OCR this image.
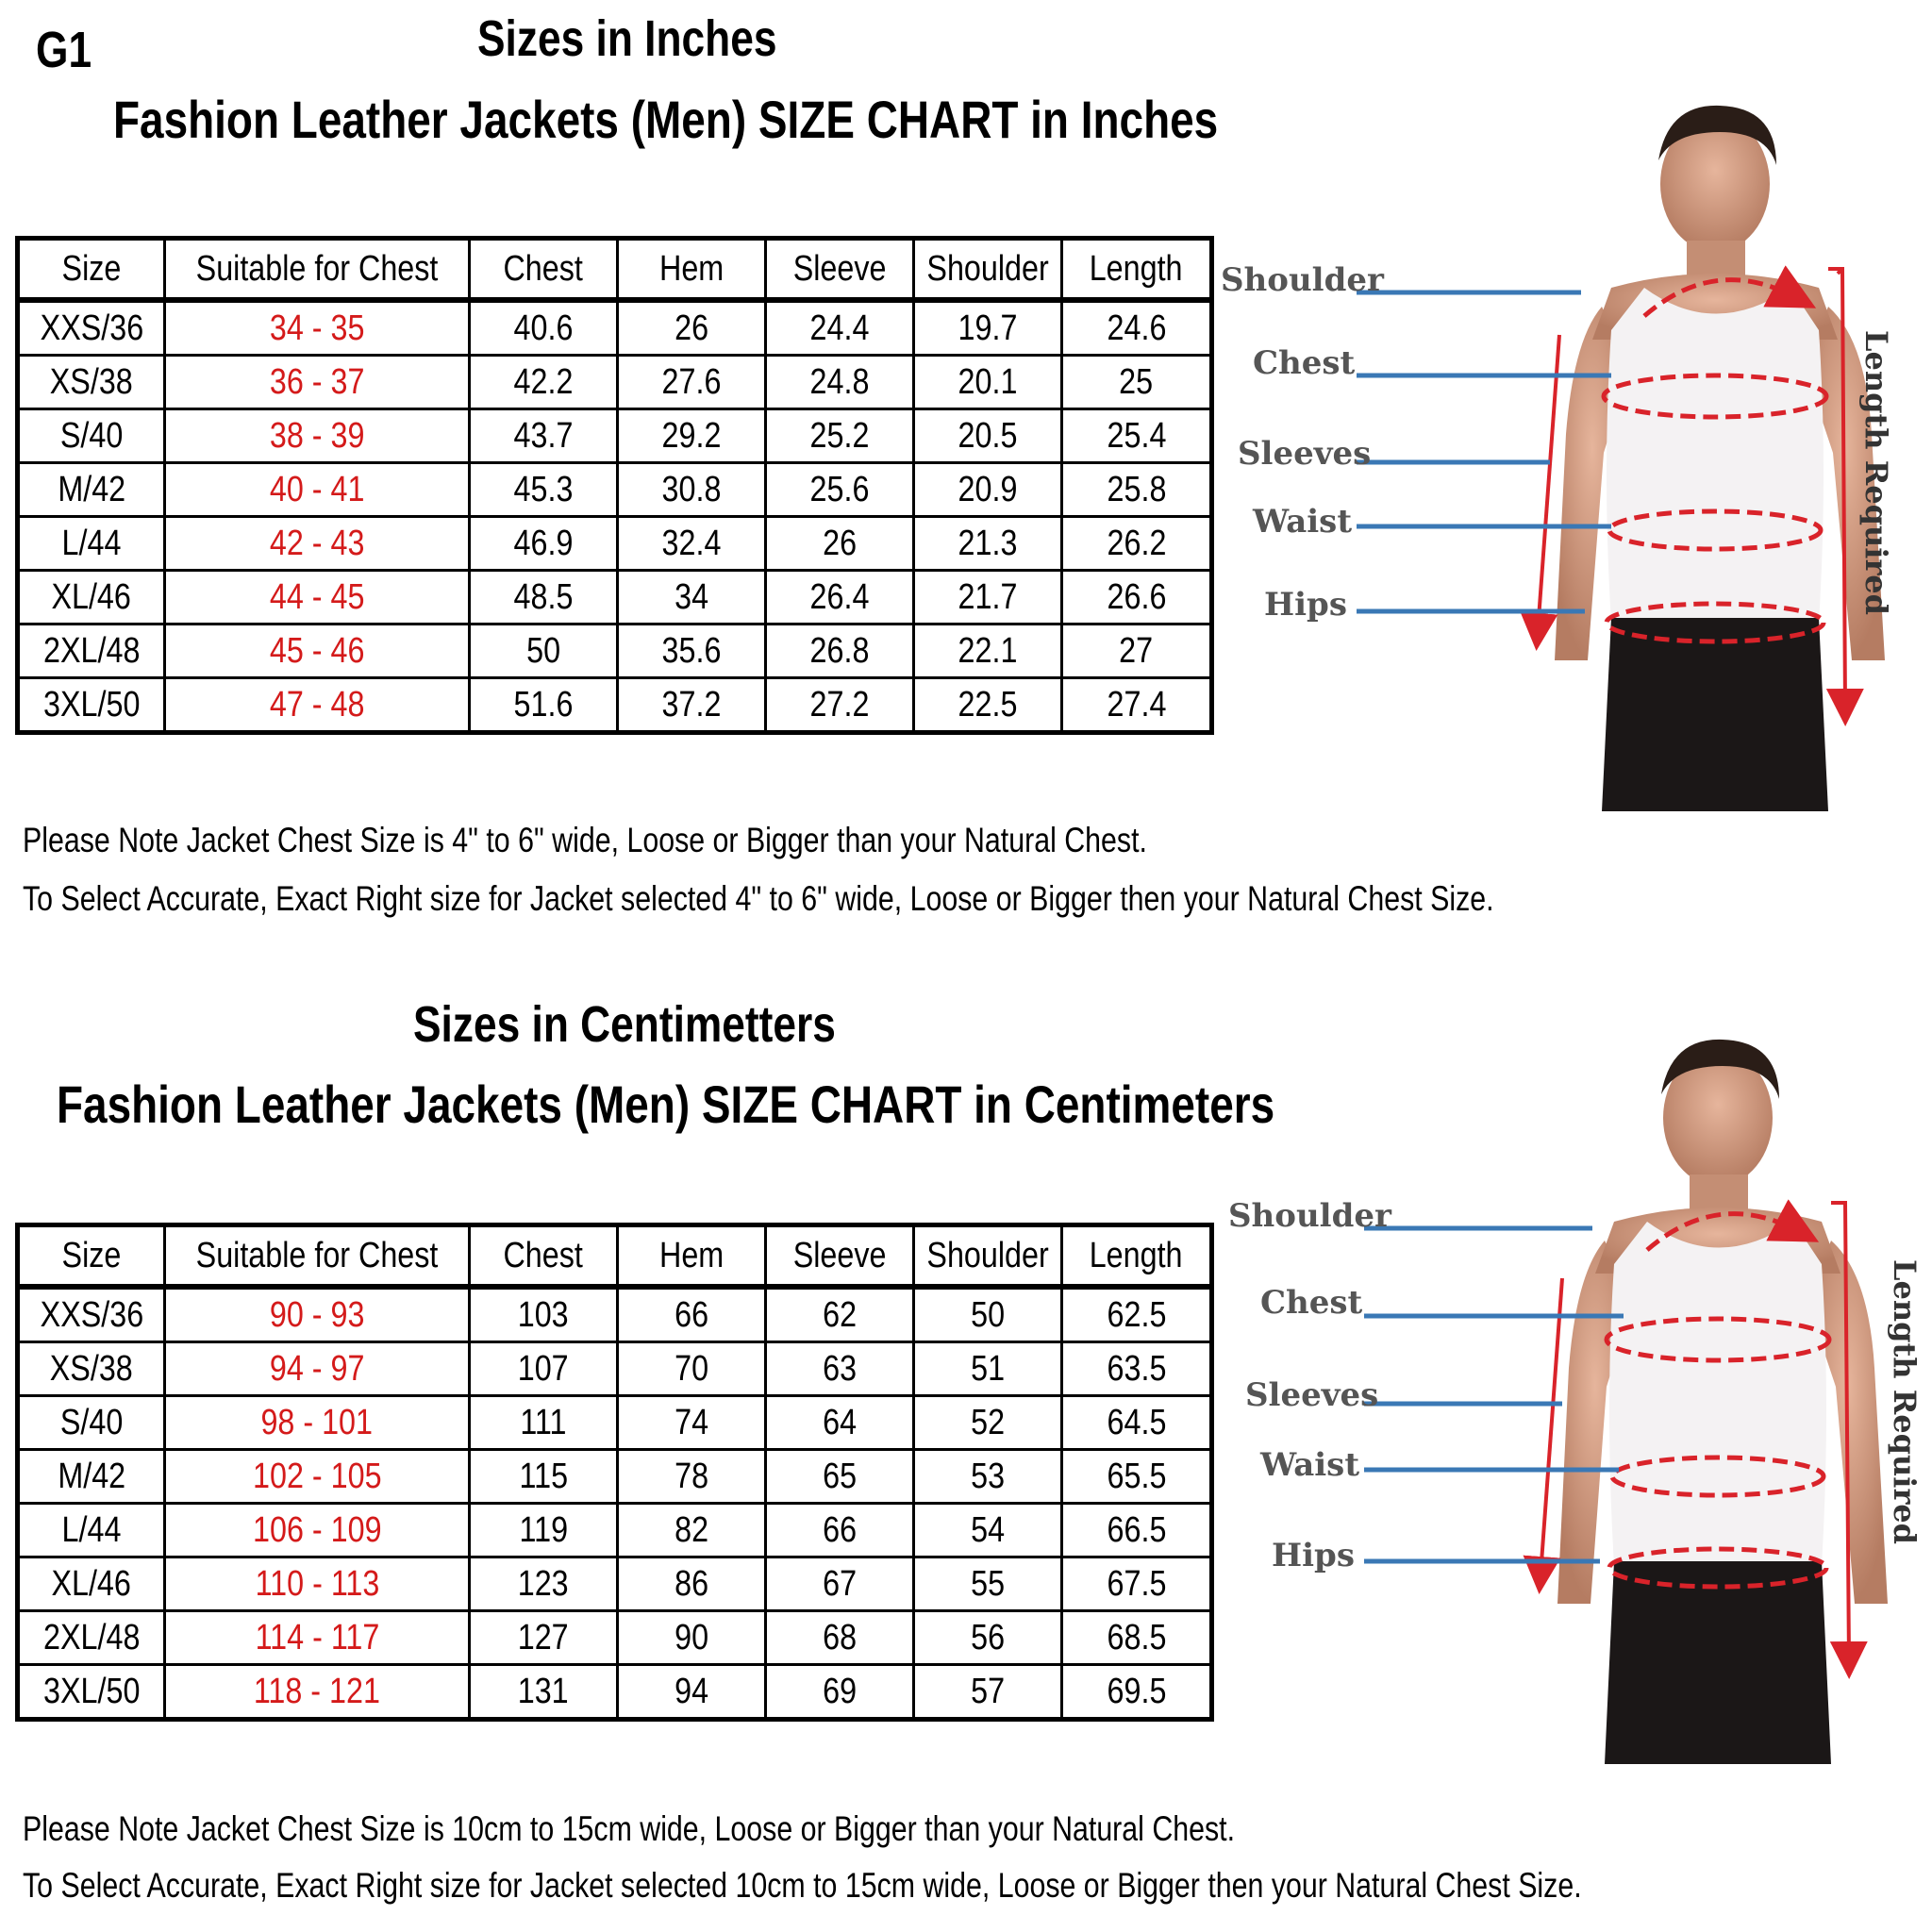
G1	Sizes in Inches
Fashion Leather Jackets (Men) SIZE CHART in Inches
Size	Suitable for Chest	Chest	Hem	Sleeve	Shoulder	Length
XXS/36	34 - 35	40.6	26	24.4	19.7	24.6
XS/38	36 - 37	42.2	27.6	24.8	20.1	25
S/40	38 - 39	43.7	29.2	25.2	20.5	25.4
M/42	40 - 41	45.3	30.8	25.6	20.9	25.8
L/44	42 - 43	46.9	32.4	26	21.3	26.2
XL/46	44 - 45	48.5	34	26.4	21.7	26.6
2XL/48	45 - 46	50	35.6	26.8	22.1	27
3XL/50	47 - 48	51.6	37.2	27.2	22.5	27.4
Please Note Jacket Chest Size is 4" to 6" wide, Loose or Bigger than your Natural Chest.
To Select Accurate, Exact Right size for Jacket selected 4" to 6" wide, Loose or Bigger then your Natural Chest Size.
Shoulder
Chest
Sleeves
Waist
Hips	Length Required
Sizes in Centimetters
Fashion Leather Jackets (Men) SIZE CHART in Centimeters
Size	Suitable for Chest	Chest	Hem	Sleeve	Shoulder	Length
XXS/36	90 - 93	103	66	62	50	62.5
XS/38	94 - 97	107	70	63	51	63.5
S/40	98 - 101	111	74	64	52	64.5
M/42	102 - 105	115	78	65	53	65.5
L/44	106 - 109	119	82	66	54	66.5
XL/46	110 - 113	123	86	67	55	67.5
2XL/48	114 - 117	127	90	68	56	68.5
3XL/50	118 - 121	131	94	69	57	69.5
Please Note Jacket Chest Size is 10cm to 15cm wide, Loose or Bigger than your Natural Chest.
To Select Accurate, Exact Right size for Jacket selected 10cm to 15cm wide, Loose or Bigger then your Natural Chest Size.
Shoulder
Chest
Sleeves
Waist
Hips
Length Required
